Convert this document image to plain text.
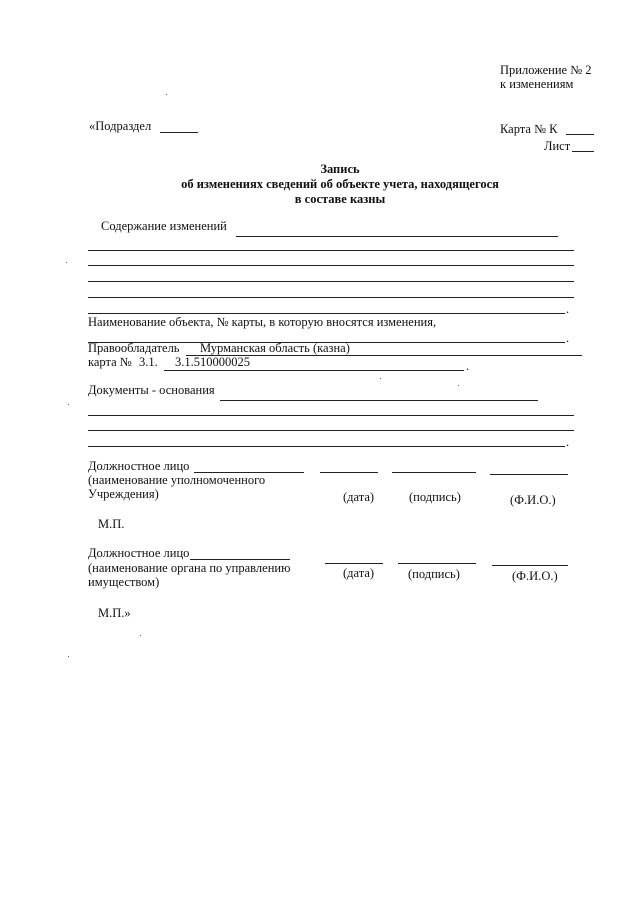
Приложение № 2
к изменениям
«Подраздел	Карта № К
Лист
Запись
об изменениях сведений об объекте учета, находящегося
в составе казны
Содержание изменений
.
Наименование объекта, № карты, в которую вносятся изменения,
.
Правообладатель Мурманская область (казна)
карта № 3.1. 3.1.510000025	.
Документы - основания
.
Должностное лицо
(наименование уполномоченного
Учреждения)	(дата)	(подпись)	(Ф.И.О.)
М.П.
Должностное лицо
(наименование органа по управлению
имуществом)
(дата)	(подпись)	(Ф.И.О.)
М.П.»
